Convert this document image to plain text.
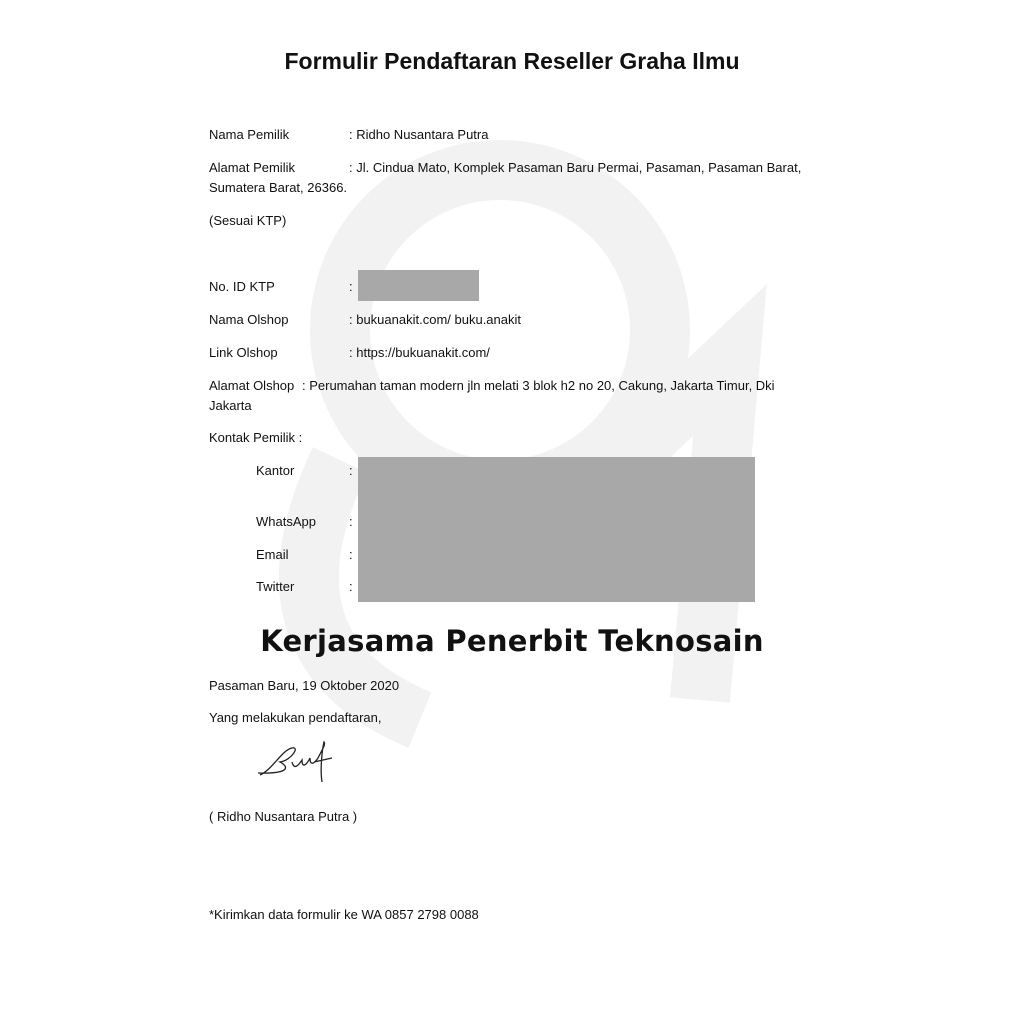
Formulir Pendaftaran Reseller Graha Ilmu
Nama Pemilik	: Ridho Nusantara Putra
Alamat Pemilik	: Jl. Cindua Mato, Komplek Pasaman Baru Permai, Pasaman, Pasaman Barat,
Sumatera Barat, 26366.
(Sesuai KTP)
No. ID KTP	:
Nama Olshop	: bukuanakit.com/ buku.anakit
Link Olshop	: https://bukuanakit.com/
Alamat Olshop : Perumahan taman modern jln melati 3 blok h2 no 20, Cakung, Jakarta Timur, Dki
Jakarta
Kontak Pemilik :
Kantor	:
WhatsApp	:
Email	:
Twitter	:
Kerjasama Penerbit Teknosain
Pasaman Baru, 19 Oktober 2020
Yang melakukan pendaftaran,
( Ridho Nusantara Putra )
*Kirimkan data formulir ke WA 0857 2798 0088
